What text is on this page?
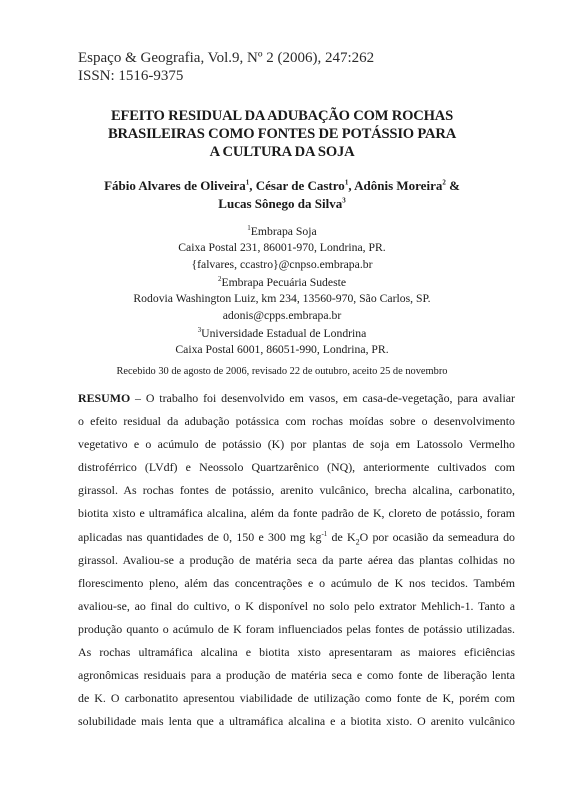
Espaço & Geografia, Vol.9, Nº 2 (2006), 247:262
ISSN: 1516-9375
EFEITO RESIDUAL DA ADUBAÇÃO COM ROCHAS
BRASILEIRAS COMO FONTES DE POTÁSSIO PARA
A CULTURA DA SOJA
Fábio Alvares de Oliveira$^1$, César de Castro$^1$, Adônis Moreira$^2$ &
Lucas Sônego da Silva$^3$
$^1$Embrapa Soja
Caixa Postal 231, 86001-970, Londrina, PR.
{falvares, ccastro}@cnpso.embrapa.br
$^2$Embrapa Pecuária Sudeste
Rodovia Washington Luiz, km 234, 13560-970, São Carlos, SP.
adonis@cpps.embrapa.br
$^3$Universidade Estadual de Londrina
Caixa Postal 6001, 86051-990, Londrina, PR.
Recebido 30 de agosto de 2006, revisado 22 de outubro, aceito 25 de novembro
RESUMO – O trabalho foi desenvolvido em vasos, em casa-de-vegetação, para avaliar
o efeito residual da adubação potássica com rochas moídas sobre o desenvolvimento
vegetativo e o acúmulo de potássio (K) por plantas de soja em Latossolo Vermelho
distroférrico (LVdf) e Neossolo Quartzarênico (NQ), anteriormente cultivados com
girassol. As rochas fontes de potássio, arenito vulcânico, brecha alcalina, carbonatito,
biotita xisto e ultramáfica alcalina, além da fonte padrão de K, cloreto de potássio, foram
aplicadas nas quantidades de 0, 150 e 300 mg $kg^{-1}$ de $K_2O$ por ocasião da semeadura do
girassol. Avaliou-se a produção de matéria seca da parte aérea das plantas colhidas no
florescimento pleno, além das concentrações e o acúmulo de K nos tecidos. Também
avaliou-se, ao final do cultivo, o K disponível no solo pelo extrator Mehlich-1. Tanto a
produção quanto o acúmulo de K foram influenciados pelas fontes de potássio utilizadas.
As rochas ultramáfica alcalina e biotita xisto apresentaram as maiores eficiências
agronômicas residuais para a produção de matéria seca e como fonte de liberação lenta
de K. O carbonatito apresentou viabilidade de utilização como fonte de K, porém com
solubilidade mais lenta que a ultramáfica alcalina e a biotita xisto. O arenito vulcânico
